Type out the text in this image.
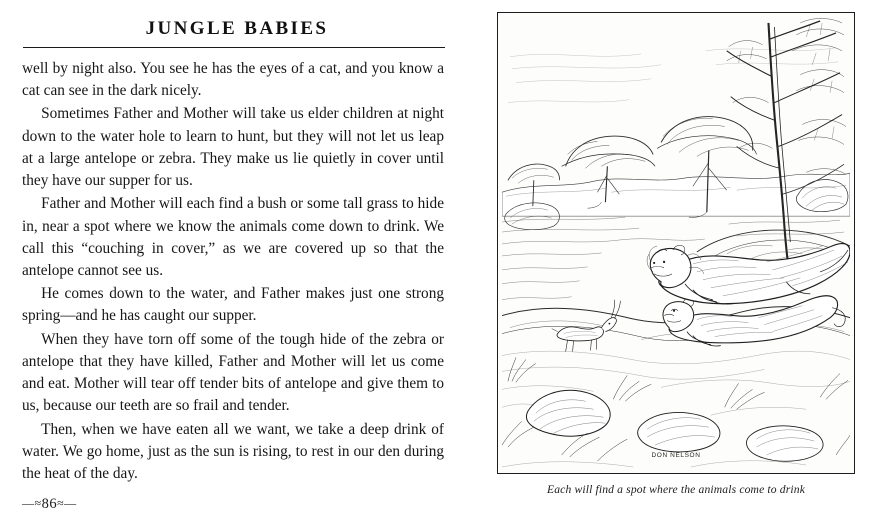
JUNGLE BABIES

well by night also. You see he has the eyes of a cat, and you know a cat can see in the dark nicely.

Sometimes Father and Mother will take us elder children at night down to the water hole to learn to hunt, but they will not let us leap at a large antelope or zebra. They make us lie quietly in cover until they have our supper for us.

Father and Mother will each find a bush or some tall grass to hide in, near a spot where we know the animals come down to drink. We call this “couching in cover,” as we are covered up so that the antelope cannot see us.

He comes down to the water, and Father makes just one strong spring—and he has caught our supper.

When they have torn off some of the tough hide of the zebra or antelope that they have killed, Father and Mother will let us come and eat. Mother will tear off tender bits of antelope and give them to us, because our teeth are so frail and tender.

Then, when we have eaten all we want, we take a deep drink of water. We go home, just as the sun is rising, to rest in our den during the heat of the day.

—≈86≈—
DON NELSON
Each will find a spot where the animals come to drink
